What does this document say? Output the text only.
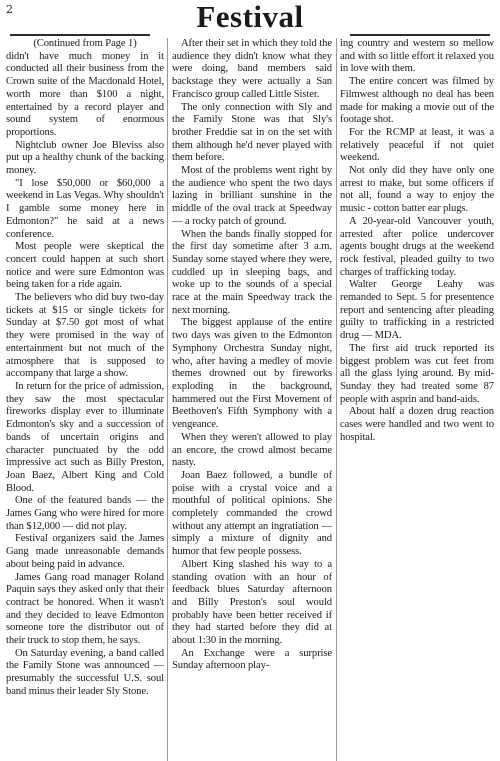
2	Festival

(Continued from Page 1)

didn't have much money in it conducted all their business from the Crown suite of the Macdonald Hotel, worth more than $100 a night, entertained by a record player and sound system of enormous proportions.

Nightclub owner Joe Bleviss also put up a healthy chunk of the backing money.

"I lose $50,000 or $60,000 a weekend in Las Vegas. Why shouldn't I gamble some money here in Edmonton?" he said at a news conference.

Most people were skeptical the concert could happen at such short notice and were sure Edmonton was being taken for a ride again.

The believers who did buy two-day tickets at $15 or single tickets for Sunday at $7.50 got most of what they were promised in the way of entertainment but not much of the atmosphere that is supposed to accompany that large a show.

In return for the price of admission, they saw the most spectacular fireworks display ever to illuminate Edmonton's sky and a succession of bands of uncertain origins and character punctuated by the odd impressive act such as Billy Preston, Joan Baez, Albert King and Cold Blood.

One of the featured bands — the James Gang who were hired for more than $12,000 — did not play.

Festival organizers said the James Gang made unreasonable demands about being paid in advance.

James Gang road manager Roland Paquin says they asked only that their contract be honored. When it wasn't and they decided to leave Edmonton someone tore the distributor out of their truck to stop them, he says.

On Saturday evening, a band called the Family Stone was announced — presumably the successful U.S. soul band minus their leader Sly Stone.

After their set in which they told the audience they didn't know what they were doing, band members said backstage they were actually a San Francisco group called Little Sister.

The only connection with Sly and the Family Stone was that Sly's brother Freddie sat in on the set with them although he'd never played with them before.

Most of the problems went right by the audience who spent the two days lazing in brilliant sunshine in the middle of the oval track at Speedway — a rocky patch of ground.

When the bands finally stopped for the first day sometime after 3 a.m. Sunday some stayed where they were, cuddled up in sleeping bags, and woke up to the sounds of a special race at the main Speedway track the next morning.

The biggest applause of the entire two days was given to the Edmonton Symphony Orchestra Sunday night, who, after having a medley of movie themes drowned out by fireworks exploding in the background, hammered out the First Movement of Beethoven's Fifth Symphony with a vengeance.

When they weren't allowed to play an encore, the crowd almost became nasty.

Joan Baez followed, a bundle of poise with a crystal voice and a mouthful of political opinions. She completely commanded the crowd without any attempt an ingratiation — simply a mixture of dignity and humor that few people possess.

Albert King slashed his way to a standing ovation with an hour of feedback blues Saturday afternoon and Billy Preston's soul would probably have been better received if they had started before they did at about 1:30 in the morning.

An Exchange were a surprise Sunday afternoon play-

ing country and western so mellow and with so little effort it relaxed you in love with them.

The entire concert was filmed by Filmwest although no deal has been made for making a movie out of the footage shot.

For the RCMP at least, it was a relatively peaceful if not quiet weekend.

Not only did they have only one arrest to make, but some officers if not all, found a way to enjoy the music - cotton batter ear plugs.

A 20-year-old Vancouver youth, arrested after police undercover agents bought drugs at the weekend rock festival, pleaded guilty to two charges of trafficking today.

Walter George Leahy was remanded to Sept. 5 for presentence report and sentencing after pleading guilty to trafficking in a restricted drug — MDA.

The first aid truck reported its biggest problem was cut feet from all the glass lying around. By mid-Sunday they had treated some 87 people with asprin and band-aids.

About half a dozen drug reaction cases were handled and two went to hospital.
